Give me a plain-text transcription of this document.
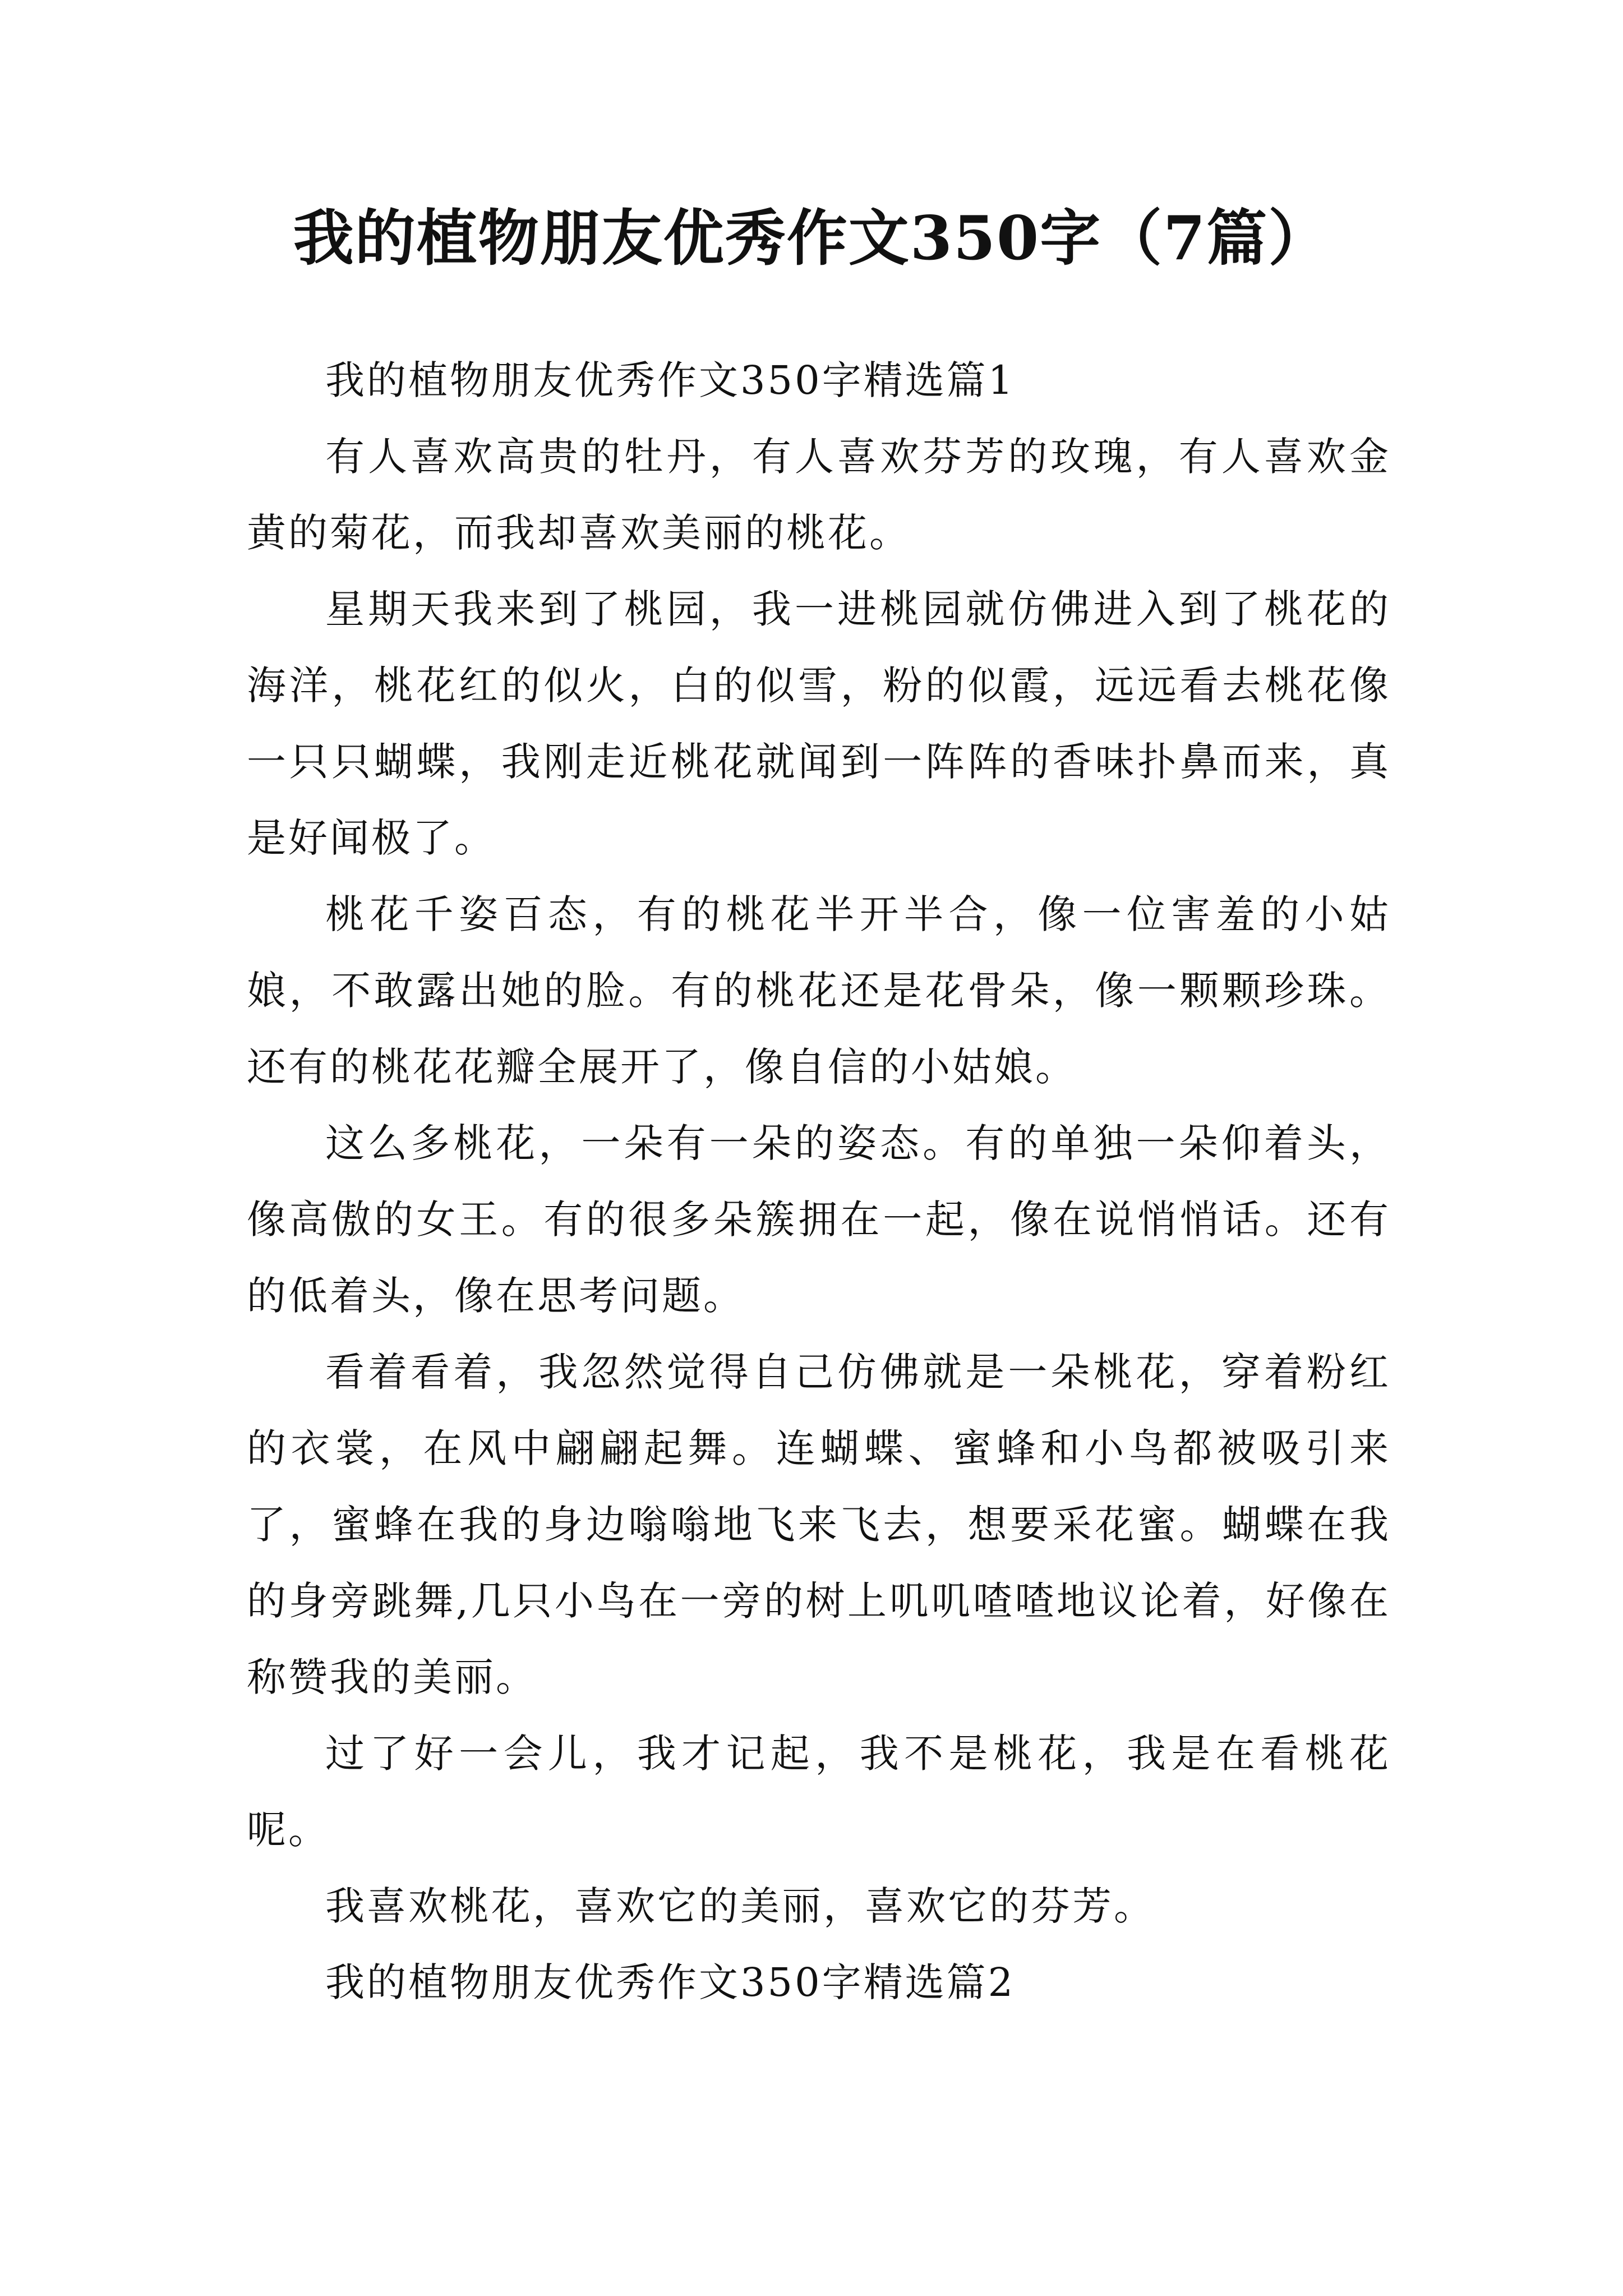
我的植物朋友优秀作文350字（7篇）

我的植物朋友优秀作文350字精选篇1

有人喜欢高贵的牡丹，有人喜欢芬芳的玫瑰，有人喜欢金黄的菊花，而我却喜欢美丽的桃花。

星期天我来到了桃园，我一进桃园就仿佛进入到了桃花的海洋，桃花红的似火，白的似雪，粉的似霞，远远看去桃花像一只只蝴蝶，我刚走近桃花就闻到一阵阵的香味扑鼻而来，真是好闻极了。

桃花千姿百态，有的桃花半开半合，像一位害羞的小姑娘，不敢露出她的脸。有的桃花还是花骨朵，像一颗颗珍珠。还有的桃花花瓣全展开了，像自信的小姑娘。

这么多桃花，一朵有一朵的姿态。有的单独一朵仰着头，像高傲的女王。有的很多朵簇拥在一起，像在说悄悄话。还有的低着头，像在思考问题。

看着看着，我忽然觉得自己仿佛就是一朵桃花，穿着粉红的衣裳，在风中翩翩起舞。连蝴蝶、蜜蜂和小鸟都被吸引来了，蜜蜂在我的身边嗡嗡地飞来飞去，想要采花蜜。蝴蝶在我的身旁跳舞,几只小鸟在一旁的树上叽叽喳喳地议论着，好像在称赞我的美丽。

过了好一会儿，我才记起，我不是桃花，我是在看桃花呢。

我喜欢桃花，喜欢它的美丽，喜欢它的芬芳。

我的植物朋友优秀作文350字精选篇2
